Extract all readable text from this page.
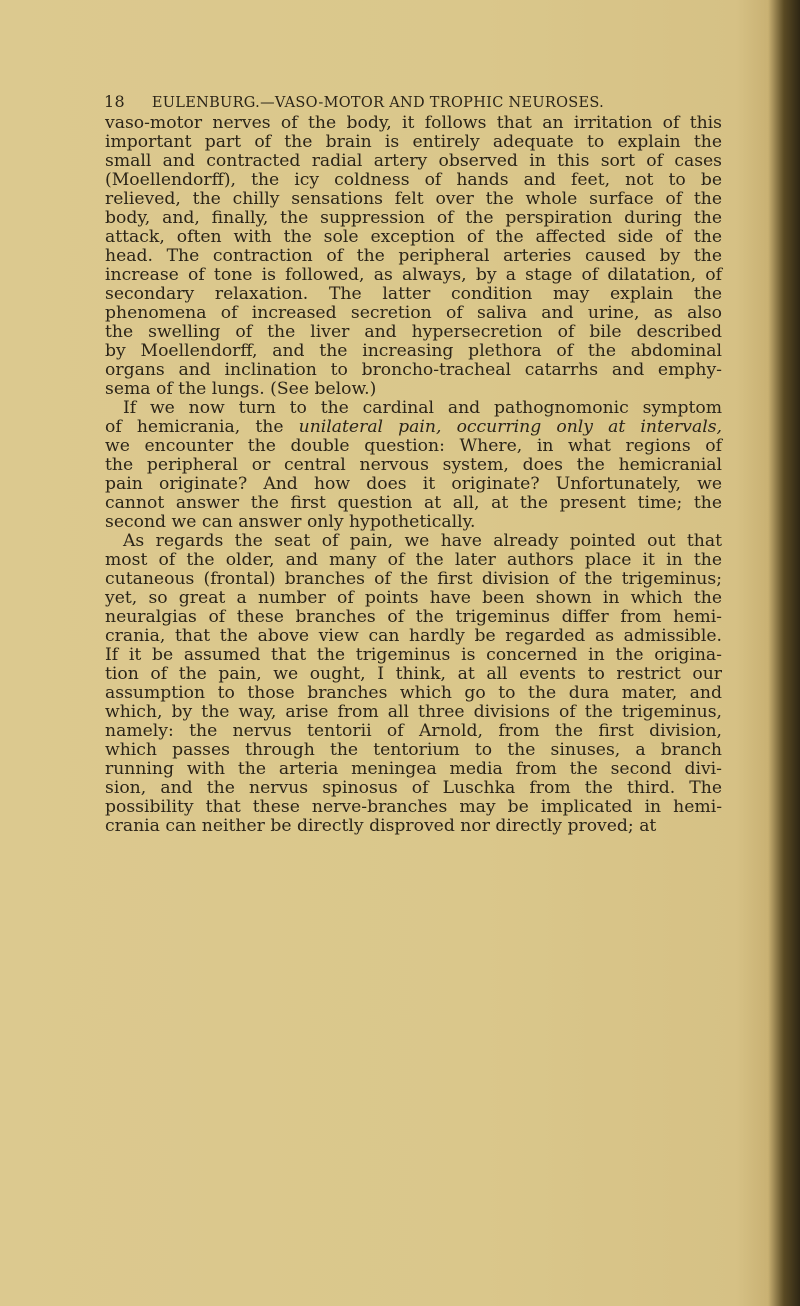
18 EULENBURG.—VASO-MOTOR AND TROPHIC NEUROSES.
vaso-motor nerves of the body, it follows that an irritation of this
important part of the brain is entirely adequate to explain the
small and contracted radial artery observed in this sort of cases
(Moellendorff), the icy coldness of hands and feet, not to be
relieved, the chilly sensations felt over the whole surface of the
body, and, finally, the suppression of the perspiration during the
attack, often with the sole exception of the affected side of the
head. The contraction of the peripheral arteries caused by the
increase of tone is followed, as always, by a stage of dilatation, of
secondary relaxation. The latter condition may explain the
phenomena of increased secretion of saliva and urine, as also
the swelling of the liver and hypersecretion of bile described
by Moellendorff, and the increasing plethora of the abdominal
organs and inclination to broncho-tracheal catarrhs and emphy-
sema of the lungs. (See below.)
If we now turn to the cardinal and pathognomonic symptom
of hemicrania, the unilateral pain, occurring only at intervals,
we encounter the double question: Where, in what regions of
the peripheral or central nervous system, does the hemicranial
pain originate? And how does it originate? Unfortunately, we
cannot answer the first question at all, at the present time; the
second we can answer only hypothetically.
As regards the seat of pain, we have already pointed out that
most of the older, and many of the later authors place it in the
cutaneous (frontal) branches of the first division of the trigeminus;
yet, so great a number of points have been shown in which the
neuralgias of these branches of the trigeminus differ from hemi-
crania, that the above view can hardly be regarded as admissible.
If it be assumed that the trigeminus is concerned in the origina-
tion of the pain, we ought, I think, at all events to restrict our
assumption to those branches which go to the dura mater, and
which, by the way, arise from all three divisions of the trigeminus,
namely: the nervus tentorii of Arnold, from the first division,
which passes through the tentorium to the sinuses, a branch
running with the arteria meningea media from the second divi-
sion, and the nervus spinosus of Luschka from the third. The
possibility that these nerve-branches may be implicated in hemi-
crania can neither be directly disproved nor directly proved; at
